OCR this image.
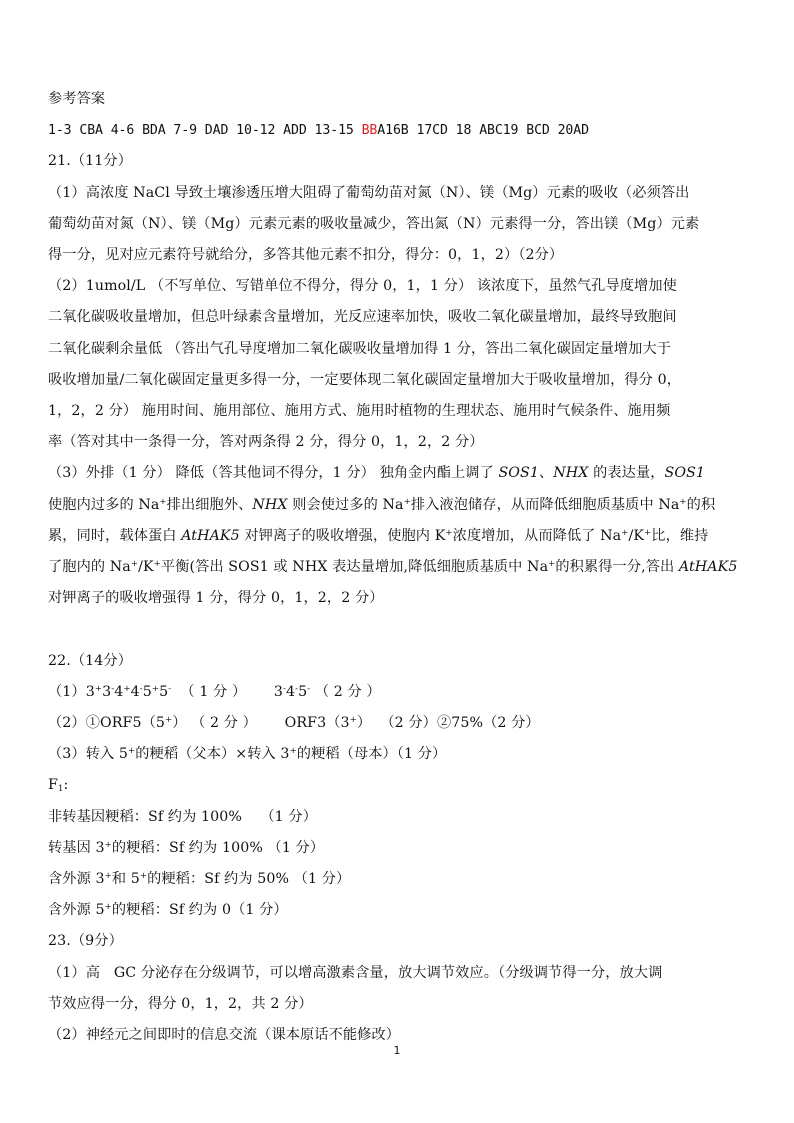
参考答案
1-3 CBA 4-6 BDA 7-9 DAD 10-12 ADD 13-15 BBA16B 17CD 18 ABC19 BCD 20AD
21.（11分）
（1）高浓度 NaCl 导致土壤渗透压增大阻碍了葡萄幼苗对氮（N）、镁（Mg）元素的吸收（必须答出
葡萄幼苗对氮（N）、镁（Mg）元素元素的吸收量减少，答出氮（N）元素得一分，答出镁（Mg）元素
得一分，见对应元素符号就给分，多答其他元素不扣分，得分：0，1，2）（2分）
（2）1umol/L （不写单位、写错单位不得分，得分 0，1，1 分） 该浓度下，虽然气孔导度增加使
二氧化碳吸收量增加，但总叶绿素含量增加，光反应速率加快，吸收二氧化碳量增加，最终导致胞间
二氧化碳剩余量低 （答出气孔导度增加二氧化碳吸收量增加得 1 分，答出二氧化碳固定量增加大于
吸收增加量/二氧化碳固定量更多得一分，一定要体现二氧化碳固定量增加大于吸收量增加，得分 0，
1，2，2 分） 施用时间、施用部位、施用方式、施用时植物的生理状态、施用时气候条件、施用频
率（答对其中一条得一分，答对两条得 2 分，得分 0，1，2，2 分）
（3）外排（1 分） 降低（答其他词不得分，1 分） 独角金内酯上调了 SOS1、NHX 的表达量，SOS1
使胞内过多的 Na+排出细胞外、NHX 则会使过多的 Na+排入液泡储存，从而降低细胞质基质中 Na+的积
累，同时，载体蛋白 AtHAK5 对钾离子的吸收增强，使胞内 K+浓度增加，从而降低了 Na+/K+比，维持
了胞内的 Na+/K+平衡(答出 SOS1 或 NHX 表达量增加,降低细胞质基质中 Na+的积累得一分,答出 AtHAK5
对钾离子的吸收增强得 1 分，得分 0，1，2，2 分）
22.（14分）
（1）3+3-4+4-5+5-  （ 1 分 ）      3-4-5- （ 2 分 ）
（2）①ORF5（5+） （ 2 分 ）      ORF3（3+）  （2 分）②75%（2 分）
（3）转入 5+的粳稻（父本）×转入 3+的粳稻（母本）（1 分）
$F_1$:
非转基因粳稻：Sf 约为 100%    （1 分）
转基因 3+的粳稻：Sf 约为 100% （1 分）
含外源 3+和 5+的粳稻：Sf 约为 50% （1 分）
含外源 5+的粳稻：Sf 约为 0（1 分）
23.（9分）
（1）高   GC 分泌存在分级调节，可以增高激素含量，放大调节效应。（分级调节得一分，放大调
节效应得一分，得分 0，1，2，共 2 分）
（2）神经元之间即时的信息交流（课本原话不能修改）
1
